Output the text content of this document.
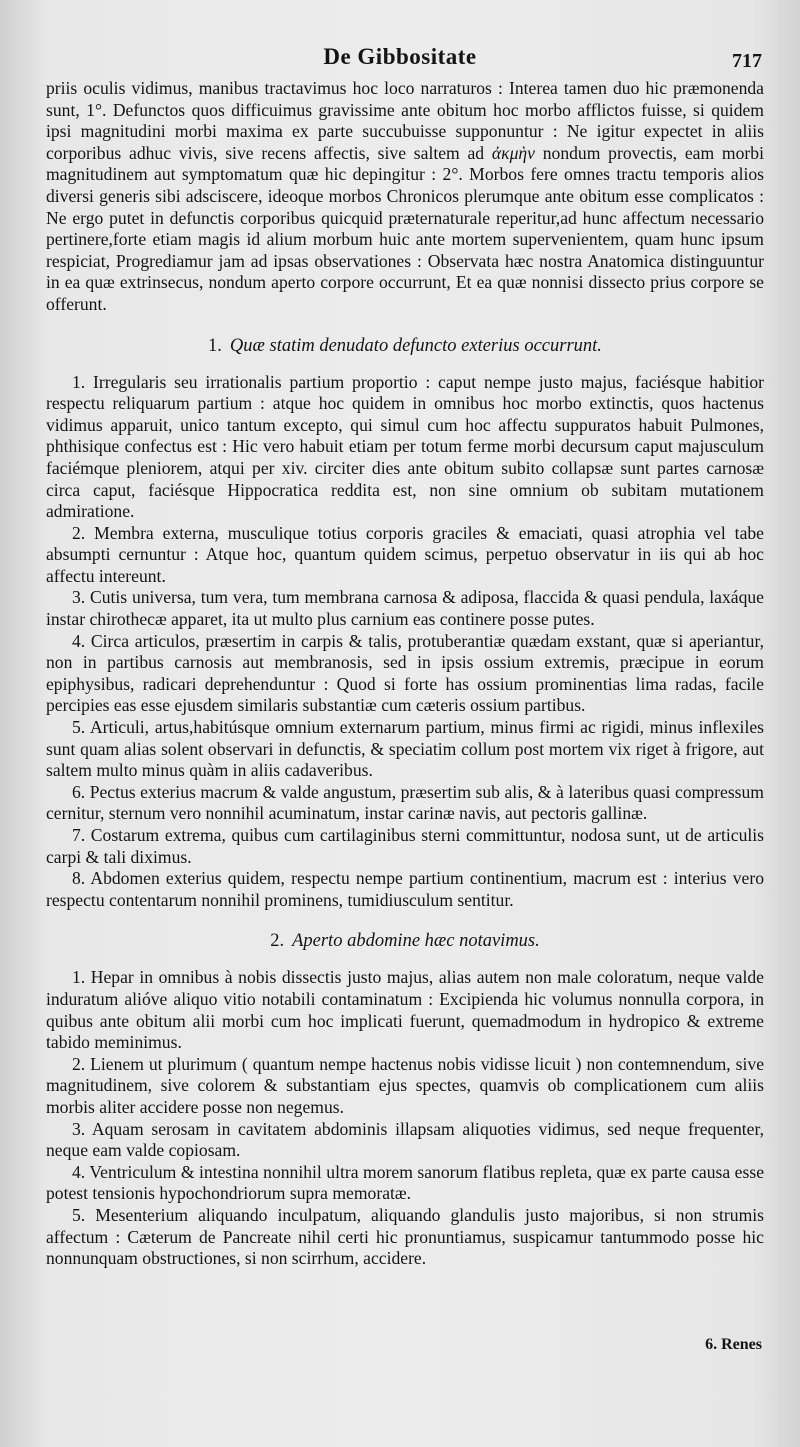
De Gibbositate	717

priis oculis vidimus, manibus tractavimus hoc loco narraturos : Interea tamen duo hic præmonenda sunt, 1°. Defunctos quos difficuimus gravissime ante obitum hoc morbo afflictos fuisse, si quidem ipsi magnitudini morbi maxima ex parte succubuisse supponuntur : Ne igitur expectet in aliis corporibus adhuc vivis, sive recens affectis, sive saltem ad ἀκμὴν nondum provectis, eam morbi magnitudinem aut symptomatum quæ hic depingitur : 2°. Morbos fere omnes tractu temporis alios diversi generis sibi adsciscere, ideoque morbos Chronicos plerumque ante obitum esse complicatos : Ne ergo putet in defunctis corporibus quicquid præternaturale reperitur,ad hunc affectum necessario pertinere,forte etiam magis id alium morbum huic ante mortem supervenientem, quam hunc ipsum respiciat, Progrediamur jam ad ipsas observationes : Observata hæc nostra Anatomica distinguuntur in ea quæ extrinsecus, nondum aperto corpore occurrunt, Et ea quæ nonnisi dissecto prius corpore se offerunt.

1. Quæ statim denudato defuncto exterius occurrunt.

1. Irregularis seu irrationalis partium proportio : caput nempe justo majus, faciésque habitior respectu reliquarum partium : atque hoc quidem in omnibus hoc morbo extinctis, quos hactenus vidimus apparuit, unico tantum excepto, qui simul cum hoc affectu suppuratos habuit Pulmones, phthisique confectus est : Hic vero habuit etiam per totum ferme morbi decursum caput majusculum faciémque pleniorem, atqui per xiv. circiter dies ante obitum subito collapsæ sunt partes carnosæ circa caput, faciésque Hippocratica reddita est, non sine omnium ob subitam mutationem admiratione.

2. Membra externa, musculique totius corporis graciles & emaciati, quasi atrophia vel tabe absumpti cernuntur : Atque hoc, quantum quidem scimus, perpetuo observatur in iis qui ab hoc affectu intereunt.

3. Cutis universa, tum vera, tum membrana carnosa & adiposa, flaccida & quasi pendula, laxáque instar chirothecæ apparet, ita ut multo plus carnium eas continere posse putes.

4. Circa articulos, præsertim in carpis & talis, protuberantiæ quædam exstant, quæ si aperiantur, non in partibus carnosis aut membranosis, sed in ipsis ossium extremis, præcipue in eorum epiphysibus, radicari deprehenduntur : Quod si forte has ossium prominentias lima radas, facile percipies eas esse ejusdem similaris substantiæ cum cæteris ossium partibus.

5. Articuli, artus,habitúsque omnium externarum partium, minus firmi ac rigidi, minus inflexiles sunt quam alias solent observari in defunctis, & speciatim collum post mortem vix riget à frigore, aut saltem multo minus quàm in aliis cadaveribus.

6. Pectus exterius macrum & valde angustum, præsertim sub alis, & à lateribus quasi compressum cernitur, sternum vero nonnihil acuminatum, instar carinæ navis, aut pectoris gallinæ.

7. Costarum extrema, quibus cum cartilaginibus sterni committuntur, nodosa sunt, ut de articulis carpi & tali diximus.

8. Abdomen exterius quidem, respectu nempe partium continentium, macrum est : interius vero respectu contentarum nonnihil prominens, tumidiusculum sentitur.

2. Aperto abdomine hæc notavimus.

1. Hepar in omnibus à nobis dissectis justo majus, alias autem non male coloratum, neque valde induratum alióve aliquo vitio notabili contaminatum : Excipienda hic volumus nonnulla corpora, in quibus ante obitum alii morbi cum hoc implicati fuerunt, quemadmodum in hydropico & extreme tabido meminimus.

2. Lienem ut plurimum ( quantum nempe hactenus nobis vidisse licuit ) non contemnendum, sive magnitudinem, sive colorem & substantiam ejus spectes, quamvis ob complicationem cum aliis morbis aliter accidere posse non negemus.

3. Aquam serosam in cavitatem abdominis illapsam aliquoties vidimus, sed neque frequenter, neque eam valde copiosam.

4. Ventriculum & intestina nonnihil ultra morem sanorum flatibus repleta, quæ ex parte causa esse potest tensionis hypochondriorum supra memoratæ.

5. Mesenterium aliquando inculpatum, aliquando glandulis justo majoribus, si non strumis affectum : Cæterum de Pancreate nihil certi hic pronuntiamus, suspicamur tantummodo posse hic nonnunquam obstructiones, si non scirrhum, accidere.

6. Renes
